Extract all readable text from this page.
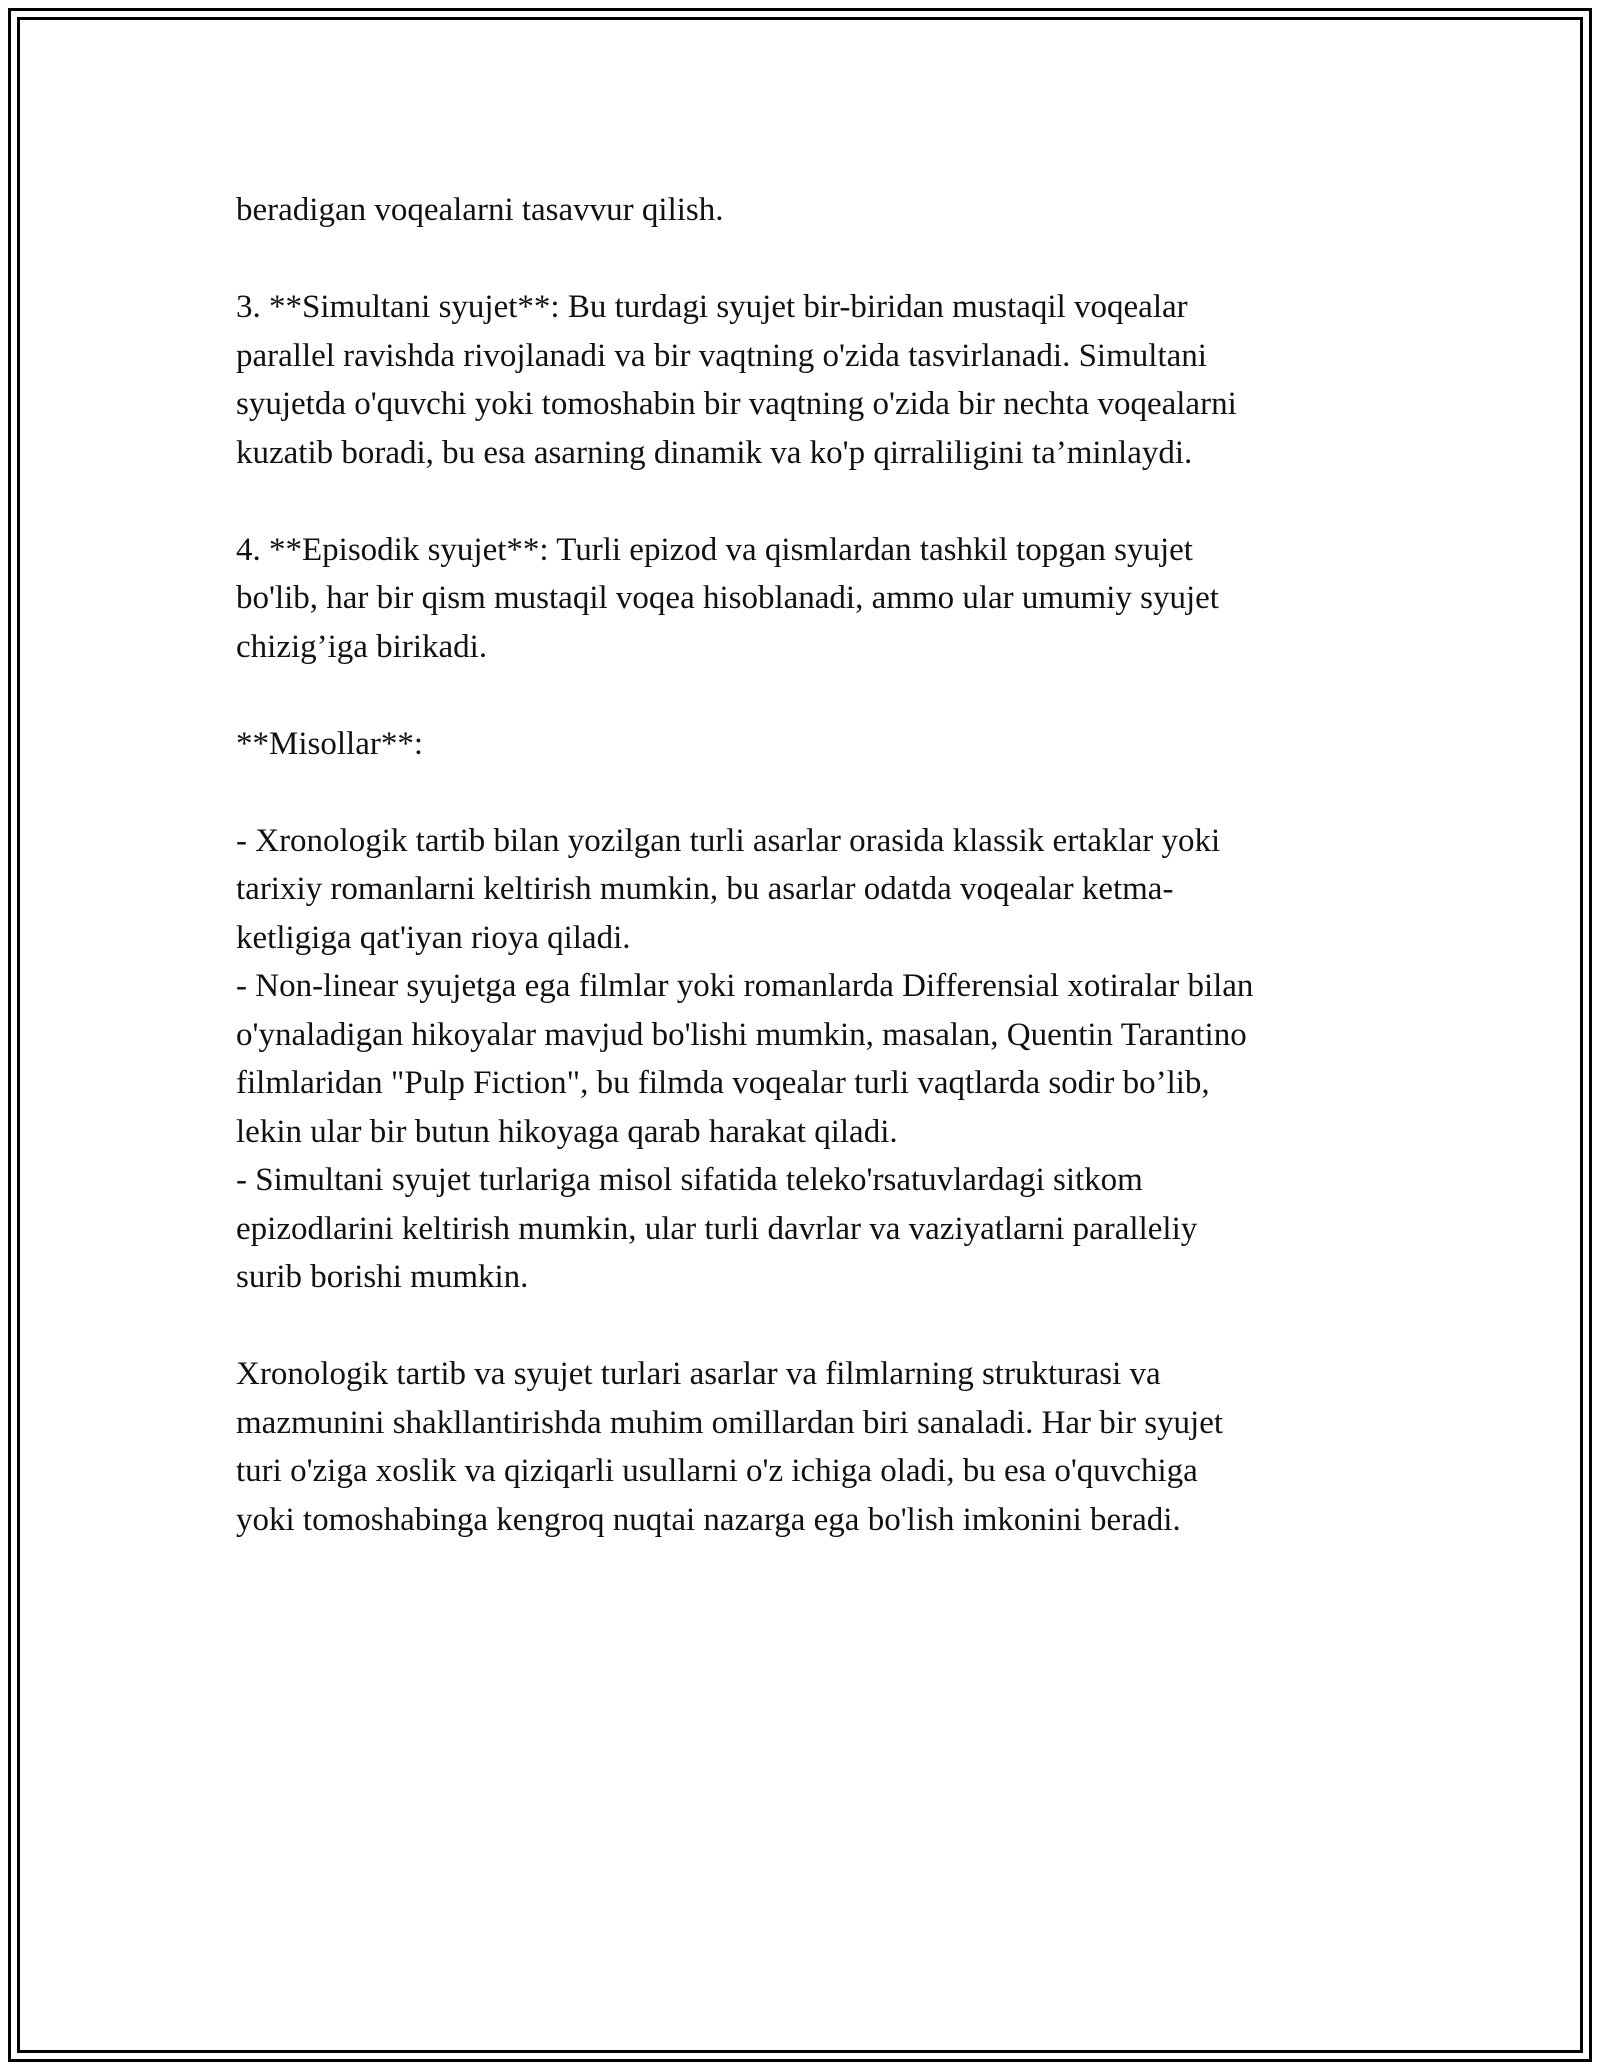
beradigan voqealarni tasavvur qilish.

3. **Simultani syujet**: Bu turdagi syujet bir-biridan mustaqil voqealar
parallel ravishda rivojlanadi va bir vaqtning o'zida tasvirlanadi. Simultani
syujetda o'quvchi yoki tomoshabin bir vaqtning o'zida bir nechta voqealarni
kuzatib boradi, bu esa asarning dinamik va ko'p qirraliligini ta’minlaydi.

4. **Episodik syujet**: Turli epizod va qismlardan tashkil topgan syujet
bo'lib, har bir qism mustaqil voqea hisoblanadi, ammo ular umumiy syujet
chizig’iga birikadi.

**Misollar**:

- Xronologik tartib bilan yozilgan turli asarlar orasida klassik ertaklar yoki
tarixiy romanlarni keltirish mumkin, bu asarlar odatda voqealar ketma-
ketligiga qat'iyan rioya qiladi.
- Non-linear syujetga ega filmlar yoki romanlarda Differensial xotiralar bilan
o'ynaladigan hikoyalar mavjud bo'lishi mumkin, masalan, Quentin Tarantino
filmlaridan "Pulp Fiction", bu filmda voqealar turli vaqtlarda sodir bo’lib,
lekin ular bir butun hikoyaga qarab harakat qiladi.
- Simultani syujet turlariga misol sifatida teleko'rsatuvlardagi sitkom
epizodlarini keltirish mumkin, ular turli davrlar va vaziyatlarni paralleliy
surib borishi mumkin.

Xronologik tartib va syujet turlari asarlar va filmlarning strukturasi va
mazmunini shakllantirishda muhim omillardan biri sanaladi. Har bir syujet
turi o'ziga xoslik va qiziqarli usullarni o'z ichiga oladi, bu esa o'quvchiga
yoki tomoshabinga kengroq nuqtai nazarga ega bo'lish imkonini beradi.
